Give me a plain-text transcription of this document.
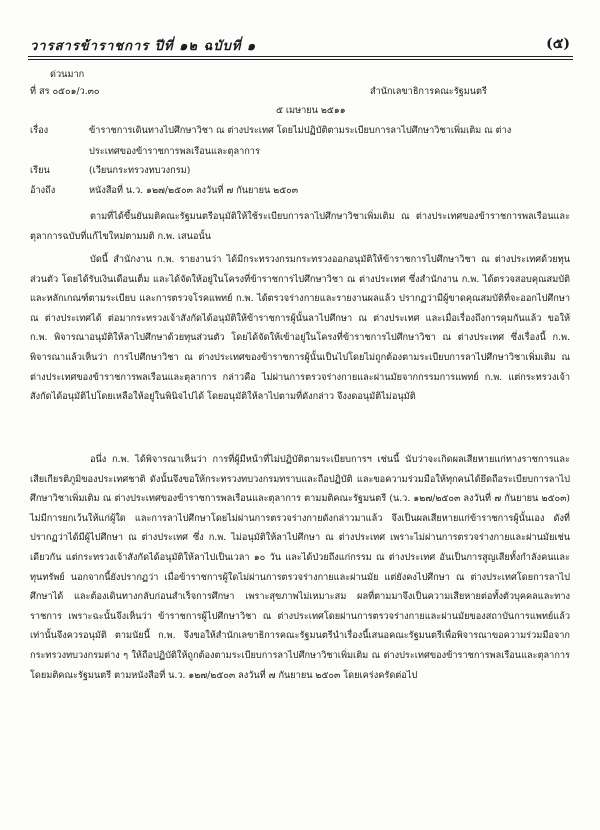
วารสารข้าราชการ ปีที่ ๑๒ ฉบับที่ ๑	(๕)
ด่วนมาก
ที่ สร ๐๕๐๑/ว.๓๐	สำนักเลขาธิการคณะรัฐมนตรี
๕ เมษายน ๒๕๑๑
เรื่อง	ข้าราชการเดินทางไปศึกษาวิชา ณ ต่างประเทศ โดยไม่ปฏิบัติตามระเบียบการลาไปศึกษาวิชาเพิ่มเติม ณ ต่าง
ประเทศของข้าราชการพลเรือนและตุลาการ
เรียน	(เวียนกระทรวงทบวงกรม)
อ้างถึง	หนังสือที่ น.ว. ๑๒๗/๒๕๐๓ ลงวันที่ ๗ กันยายน ๒๕๐๓

ตามที่ได้ขึ้นยันมติคณะรัฐมนตรีอนุมัติให้ใช้ระเบียบการลาไปศึกษาวิชาเพิ่มเติม ณ ต่างประเทศของข้าราชการพลเรือนและตุลาการฉบับที่แก้ไขใหม่ตามมติ ก.พ. เสนอนั้น

บัดนี้ สำนักงาน ก.พ. รายงานว่า ได้มีกระทรวงกรมกระทรวงออกอนุมัติให้ข้าราชการไปศึกษาวิชา ณ ต่างประเทศด้วยทุนส่วนตัว โดยได้รับเงินเดือนเต็ม และได้จัดให้อยู่ในโครงที่ข้าราชการไปศึกษาวิชา ณ ต่างประเทศ ซึ่งสำนักงาน ก.พ. ได้ตรวจสอบคุณสมบัติและหลักเกณฑ์ตามระเบียบ และการตรวจโรคแพทย์ ก.พ. ได้ตรวจร่างกายและรายงานผลแล้ว ปรากฏว่ามีผู้ขาดคุณสมบัติที่จะออกไปศึกษา ณ ต่างประเทศได้ ต่อมากระทรวงเจ้าสังกัดได้อนุมัติให้ข้าราชการผู้นั้นลาไปศึกษา ณ ต่างประเทศ และเมื่อเรื่องถึงการคุมกันแล้ว ขอให้ ก.พ. พิจารณาอนุมัติให้ลาไปศึกษาด้วยทุนส่วนตัว โดยได้จัดให้เข้าอยู่ในโครงที่ข้าราชการไปศึกษาวิชา ณ ต่างประเทศ ซึ่งเรื่องนี้ ก.พ. พิจารณาแล้วเห็นว่า การไปศึกษาวิชา ณ ต่างประเทศของข้าราชการผู้นั้นเป็นไปโดยไม่ถูกต้องตามระเบียบการลาไปศึกษาวิชาเพิ่มเติม ณ ต่างประเทศของข้าราชการพลเรือนและตุลาการ กล่าวคือ ไม่ผ่านการตรวจร่างกายและผ่านมัยจากกรรมการแพทย์ ก.พ. แต่กระทรวงเจ้าสังกัดได้อนุมัติไปโดยเหลือให้อยู่ในพินิจไปได้ โดยอนุมัติให้ลาไปตามที่ดังกล่าว จึงงดอนุมัติไม่อนุมัติ

อนึ่ง ก.พ. ได้พิจารณาเห็นว่า การที่ผู้มีหน้าที่ไม่ปฏิบัติตามระเบียบการฯ เช่นนี้ นับว่าจะเกิดผลเสียหายแก่ทางราชการและเสียเกียรติภูมิของประเทศชาติ ดังนั้นจึงขอให้กระทรวงทบวงกรมทราบและถือปฏิบัติ และขอความร่วมมือให้ทุกคนได้ยึดถือระเบียบการลาไปศึกษาวิชาเพิ่มเติม ณ ต่างประเทศของข้าราชการพลเรือนและตุลาการ ตามมติคณะรัฐมนตรี (น.ว. ๑๒๗/๒๕๐๓ ลงวันที่ ๗ กันยายน ๒๕๐๓) ไม่มีการยกเว้นให้แก่ผู้ใด และการลาไปศึกษาโดยไม่ผ่านการตรวจร่างกายดังกล่าวมาแล้ว จึงเป็นผลเสียหายแก่ข้าราชการผู้นั้นเอง ดังที่ปรากฏว่าได้มีผู้ไปศึกษา ณ ต่างประเทศ ซึ่ง ก.พ. ไม่อนุมัติให้ลาไปศึกษา ณ ต่างประเทศ เพราะไม่ผ่านการตรวจร่างกายและผ่านมัยเช่นเดียวกัน แต่กระทรวงเจ้าสังกัดได้อนุมัติให้ลาไปเป็นเวลา ๑๐ วัน และได้ป่วยถึงแก่กรรม ณ ต่างประเทศ อันเป็นการสูญเสียทั้งกำลังคนและทุนทรัพย์ นอกจากนี้ยังปรากฏว่า เมื่อข้าราชการผู้ใดไม่ผ่านการตรวจร่างกายและผ่านมัย แต่ยังคงไปศึกษา ณ ต่างประเทศโดยการลาไปศึกษาได้ และต้องเดินทางกลับก่อนสำเร็จการศึกษา เพราะสุขภาพไม่เหมาะสม ผลที่ตามมาจึงเป็นความเสียหายต่อทั้งตัวบุคคลและทางราชการ เพราะฉะนั้นจึงเห็นว่า ข้าราชการผู้ไปศึกษาวิชา ณ ต่างประเทศโดยผ่านการตรวจร่างกายและผ่านมัยของสถาบันการแพทย์แล้วเท่านั้นจึงควรอนุมัติ ตามนัยนี้ ก.พ. จึงขอให้สำนักเลขาธิการคณะรัฐมนตรีนำเรื่องนี้เสนอคณะรัฐมนตรีเพื่อพิจารณาขอความร่วมมือจากกระทรวงทบวงกรมต่าง ๆ ให้ถือปฏิบัติให้ถูกต้องตามระเบียบการลาไปศึกษาวิชาเพิ่มเติม ณ ต่างประเทศของข้าราชการพลเรือนและตุลาการ โดยมติคณะรัฐมนตรี ตามหนังสือที่ น.ว. ๑๒๗/๒๕๐๓ ลงวันที่ ๗ กันยายน ๒๕๐๓ โดยเคร่งครัดต่อไป
